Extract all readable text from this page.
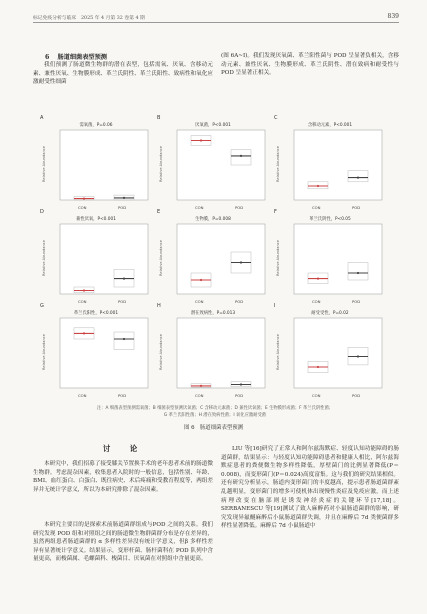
标记免疫分析与临床　2025 年 4 月第 32 卷第 4 期	839
6 肠道细菌表型预测

我们预测了肠道微生物群的潜在表型，包括需氧、厌氧、含移动元素、兼性厌氧、生物膜形成、革兰氏阴性、革兰氏阳性、致病性和氧化应激耐受性细菌

(图 6A~I)。我们发现厌氧菌、革兰阳性菌与 POD 呈显著负相关，含移动元素、兼性厌氧、生物膜形成、革兰氏阴性、潜在致病和耐受性与 POD 呈显著正相关。

A
需氧菌，P=0.06
Relative Abundance
CON	POD
B
厌氧菌，P<0.001
Relative Abundance
CON	POD
C
含移动元素，P<0.001
Relative Abundance
CON	POD
D
兼性厌氧，P<0.001
Relative Abundance
CON	POD
E
生物膜，P=0.008
Relative Abundance
CON	POD
F
革兰氏阴性，P<0.05
Relative Abundance
CON	POD
G
革兰氏阳性，P<0.001
Relative Abundance
CON	POD
H
潜在致病性，P=0.013
Relative Abundance
CON	POD
I
耐受受性，P=0.02
Relative Abundance
CON	POD
注：A 细菌表型预测需氧菌；B 细菌表型预测厌氧菌；C 含移动元素菌；D 兼性厌氧菌；E 生物膜形成菌；F 革兰氏阴性菌；
G 革兰氏阳性菌；H 潜在致病性菌；I 氧化应激耐受菌
图 6　肠道细菌表型预测
讨　论

本研究中，我们招募了接受膝关节置换手术的老年患者术前的肠道微生物群。考虑混杂因素，收集患者入院时的一般信息，包括性别、年龄、BMI、血红蛋白、白蛋白、既往病史、术后疼痛和受教育程度等，两组差异并无统计学意义，所以为本研究排除了混杂因素。

本研究主要目的是探索术前肠道菌群组成与POD 之间的关系。我们研究发现 POD 组和对照组之间的肠道微生物群菌群分布是存在差异的，虽然两组患者肠道菌群的 α 多样性差异没有统计学意义，但β 多样性差异有显著统计学意义。结果显示，变形杆菌、肠杆菌科在 POD 队列中含量更高，而梭菌属、毛螺菌科、梭菌目、厌氧菌在对照组中含量更高。

LIU 等[16]研究了正常人和阿尔兹海默症、轻度认知功能障碍的肠道菌群，结果显示：与轻度认知功能障碍患者和健康人相比，阿尔兹海默症患者的粪便微生物多样性降低，厚壁菌门的比例显著降低(P＝0.008)，而变形菌门(P＝0.024)高度富集。这与我们的研究结果相似。还有研究分析显示，肠道内变形菌门的丰度越高，提示患者肠道菌群紊乱越明显，变形菌门的增多可使机体出现慢性炎症及免疫应激，而上述病理改变在脑部则是诱发神经炎症的关键环节[17,18]。SERBANESCU 等[19]测试了致人麻醉药对小鼠肠道菌群的影响，研究发现异氟醚麻醉后小鼠肠道菌群失调，并且在麻醉后 7d 类便菌群多样性显著降低。麻醉后 7d 小鼠肠道中
